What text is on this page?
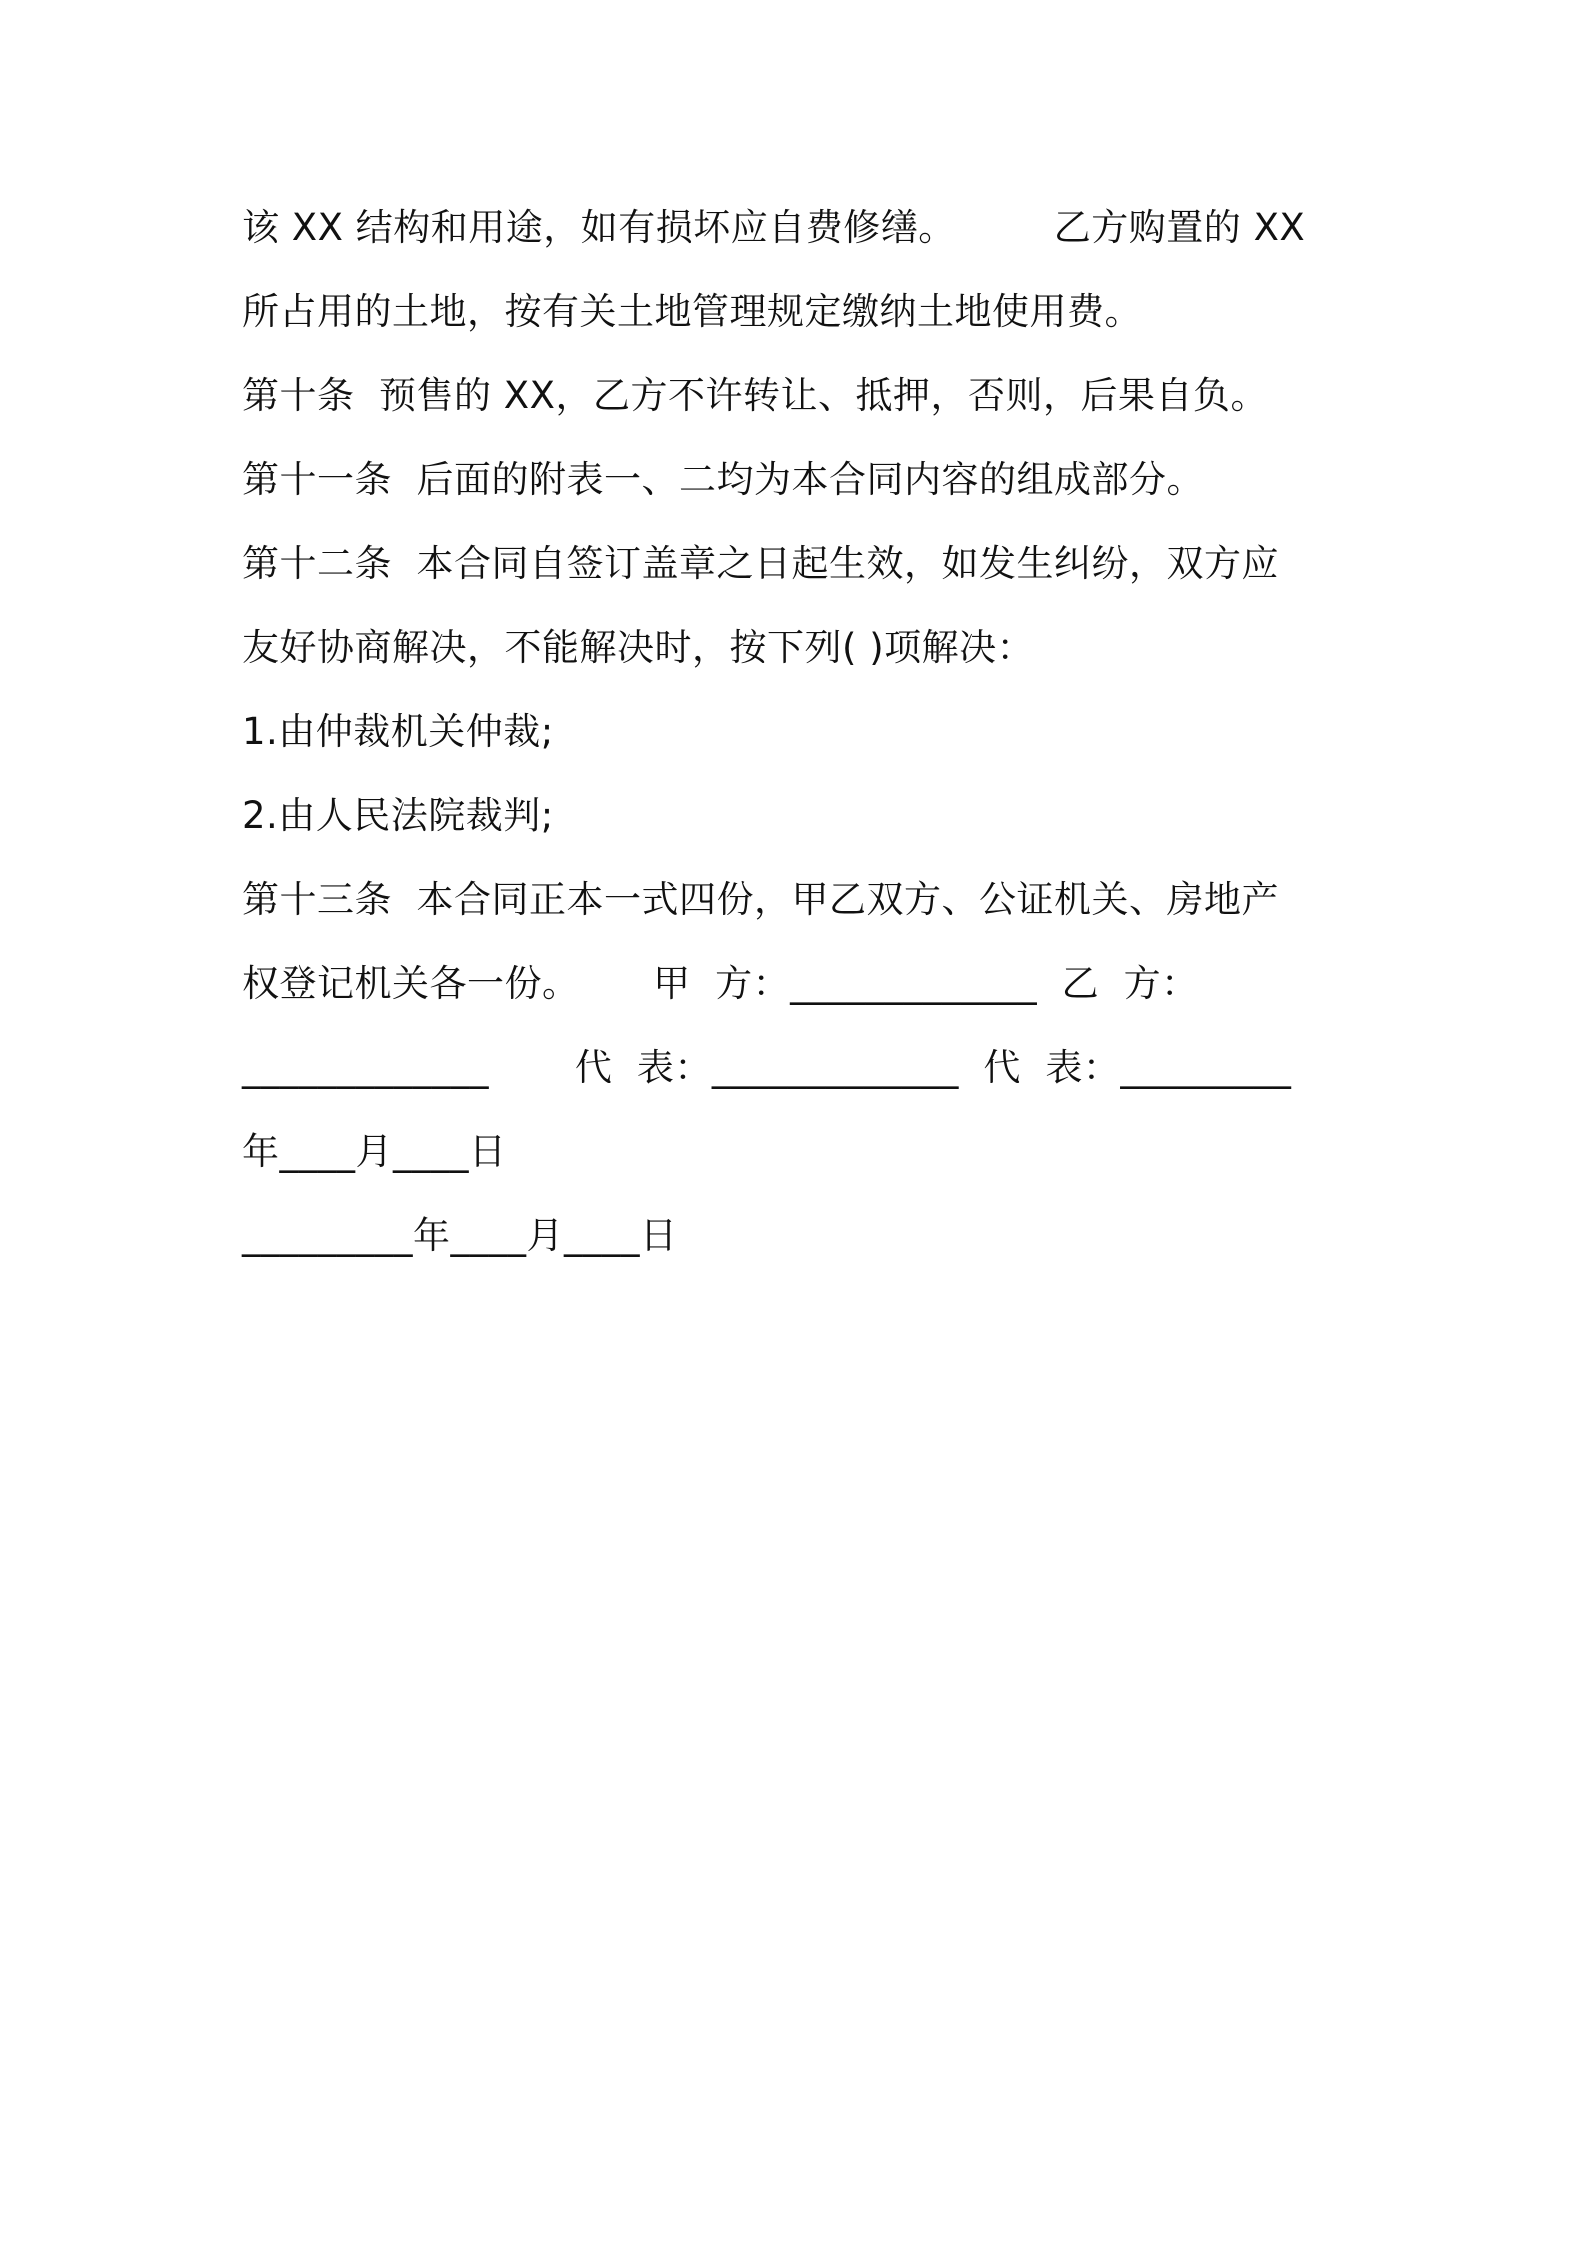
该 XX 结构和用途，如有损坏应自费修缮。        乙方购置的 XX
所占用的土地，按有关土地管理规定缴纳土地使用费。
第十条  预售的 XX，乙方不许转让、抵押，否则，后果自负。
第十一条  后面的附表一、二均为本合同内容的组成部分。
第十二条  本合同自签订盖章之日起生效，如发生纠纷，双方应
友好协商解决，不能解决时，按下列( )项解决：
1.由仲裁机关仲裁;
2.由人民法院裁判;
第十三条  本合同正本一式四份，甲乙双方、公证机关、房地产
权登记机关各一份。      甲  方：_____________  乙  方：
_____________       代  表：_____________  代  表：_________
年____月____日
_________年____月____日
